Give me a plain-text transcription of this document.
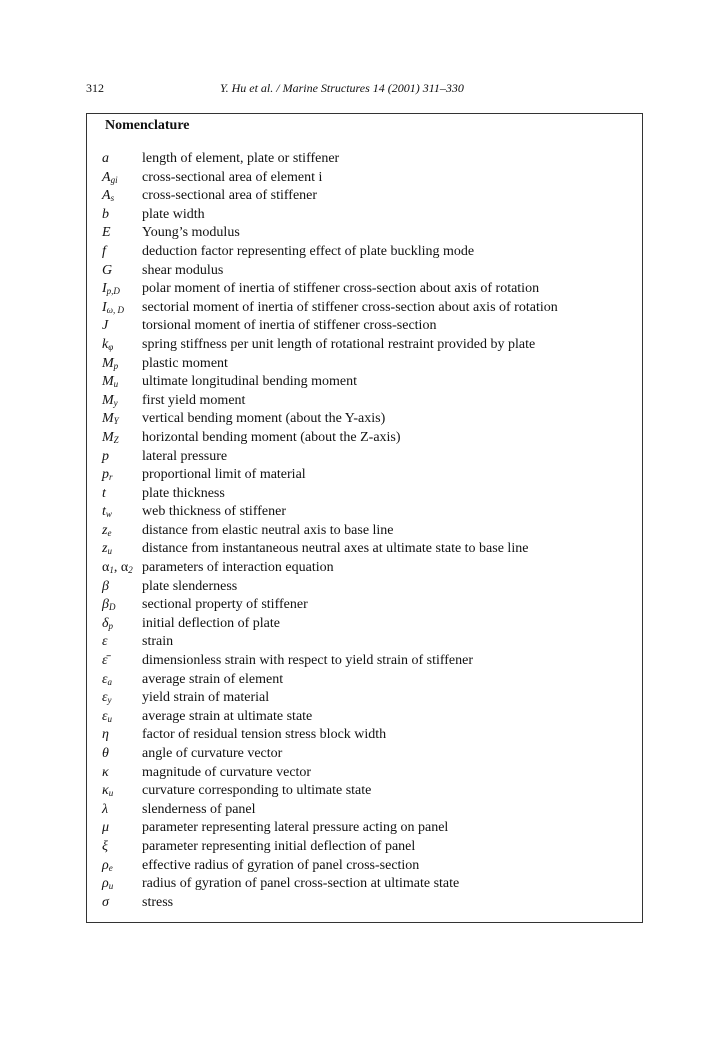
312	Y. Hu et al. / Marine Structures 14 (2001) 311–330
Nomenclature
a length of element, plate or stiffener
$A_{gi}$ cross-sectional area of element i
$A_s$ cross-sectional area of stiffener
b plate width
E Young’s modulus
f	deduction factor representing effect of plate buckling mode
G shear modulus
$I_{p,D}$ polar moment of inertia of stiffener cross-section about axis of rotation
$I_{\omega, D}$ sectorial moment of inertia of stiffener cross-section about axis of rotation
J torsional moment of inertia of stiffener cross-section
$k_\varphi$ spring stiffness per unit length of rotational restraint provided by plate
$M_p$ plastic moment
$M_u$ ultimate longitudinal bending moment
$M_y$ first yield moment
$M_Y$ vertical bending moment (about the Y-axis)
$M_Z$ horizontal bending moment (about the Z-axis)
p lateral pressure
$p_r$ proportional limit of material
t	plate thickness
$t_w$ web thickness of stiffener
$z_e$ distance from elastic neutral axis to base line
$z_u$ distance from instantaneous neutral axes at ultimate state to base line
$\alpha_1$, $\alpha_2$ parameters of interaction equation
β plate slenderness
$\beta_D$ sectional property of stiffener
$\delta_p$ initial deflection of plate
ε strain
ε̄ dimensionless strain with respect to yield strain of stiffener
$\varepsilon_a$ average strain of element
$\varepsilon_y$ yield strain of material
$\varepsilon_u$ average strain at ultimate state
η factor of residual tension stress block width
θ angle of curvature vector
κ magnitude of curvature vector
$\kappa_u$ curvature corresponding to ultimate state
λ slenderness of panel
μ parameter representing lateral pressure acting on panel
ξ parameter representing initial deflection of panel
$\rho_e$ effective radius of gyration of panel cross-section
$\rho_u$ radius of gyration of panel cross-section at ultimate state
σ stress
